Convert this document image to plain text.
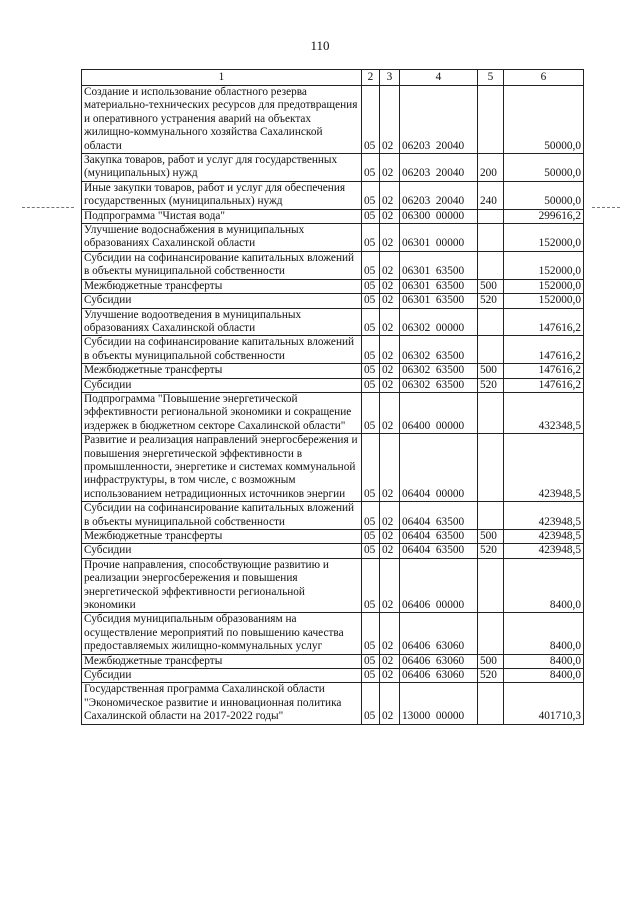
110
1	2	3	4	5	6
Создание и использование областного резерва материально-технических ресурсов для предотвращения и оперативного устранения аварий на объектах жилищно-коммунального хозяйства Сахалинской области	05	02	06203  20040		50000,0
Закупка товаров, работ и услуг для государственных (муниципальных) нужд	05	02	06203  20040	200	50000,0
Иные закупки товаров, работ и услуг для обеспечения государственных (муниципальных) нужд	05	02	06203  20040	240	50000,0
Подпрограмма "Чистая вода"	05	02	06300  00000		299616,2
Улучшение водоснабжения в муниципальных образованиях Сахалинской области	05	02	06301  00000		152000,0
Субсидии на софинансирование капитальных вложений в объекты муниципальной собственности	05	02	06301  63500		152000,0
Межбюджетные трансферты	05	02	06301  63500	500	152000,0
Субсидии	05	02	06301  63500	520	152000,0
Улучшение водоотведения в муниципальных образованиях Сахалинской области	05	02	06302  00000		147616,2
Субсидии на софинансирование капитальных вложений в объекты муниципальной собственности	05	02	06302  63500		147616,2
Межбюджетные трансферты	05	02	06302  63500	500	147616,2
Субсидии	05	02	06302  63500	520	147616,2
Подпрограмма "Повышение энергетической эффективности региональной экономики и сокращение издержек в бюджетном секторе Сахалинской области"	05	02	06400  00000		432348,5
Развитие и реализация направлений энергосбережения и повышения энергетической эффективности в промышленности, энергетике и системах коммунальной инфраструктуры, в том числе, с возможным использованием нетрадиционных источников энергии	05	02	06404  00000		423948,5
Субсидии на софинансирование капитальных вложений в объекты муниципальной собственности	05	02	06404  63500		423948,5
Межбюджетные трансферты	05	02	06404  63500	500	423948,5
Субсидии	05	02	06404  63500	520	423948,5
Прочие направления, способствующие развитию и реализации энергосбережения и повышения энергетической эффективности региональной экономики	05	02	06406  00000		8400,0
Субсидия муниципальным образованиям на осуществление мероприятий по повышению качества предоставляемых жилищно-коммунальных услуг	05	02	06406  63060		8400,0
Межбюджетные трансферты	05	02	06406  63060	500	8400,0
Субсидии	05	02	06406  63060	520	8400,0
Государственная программа Сахалинской области "Экономическое развитие и инновационная политика Сахалинской области на 2017-2022 годы"	05	02	13000  00000		401710,3
